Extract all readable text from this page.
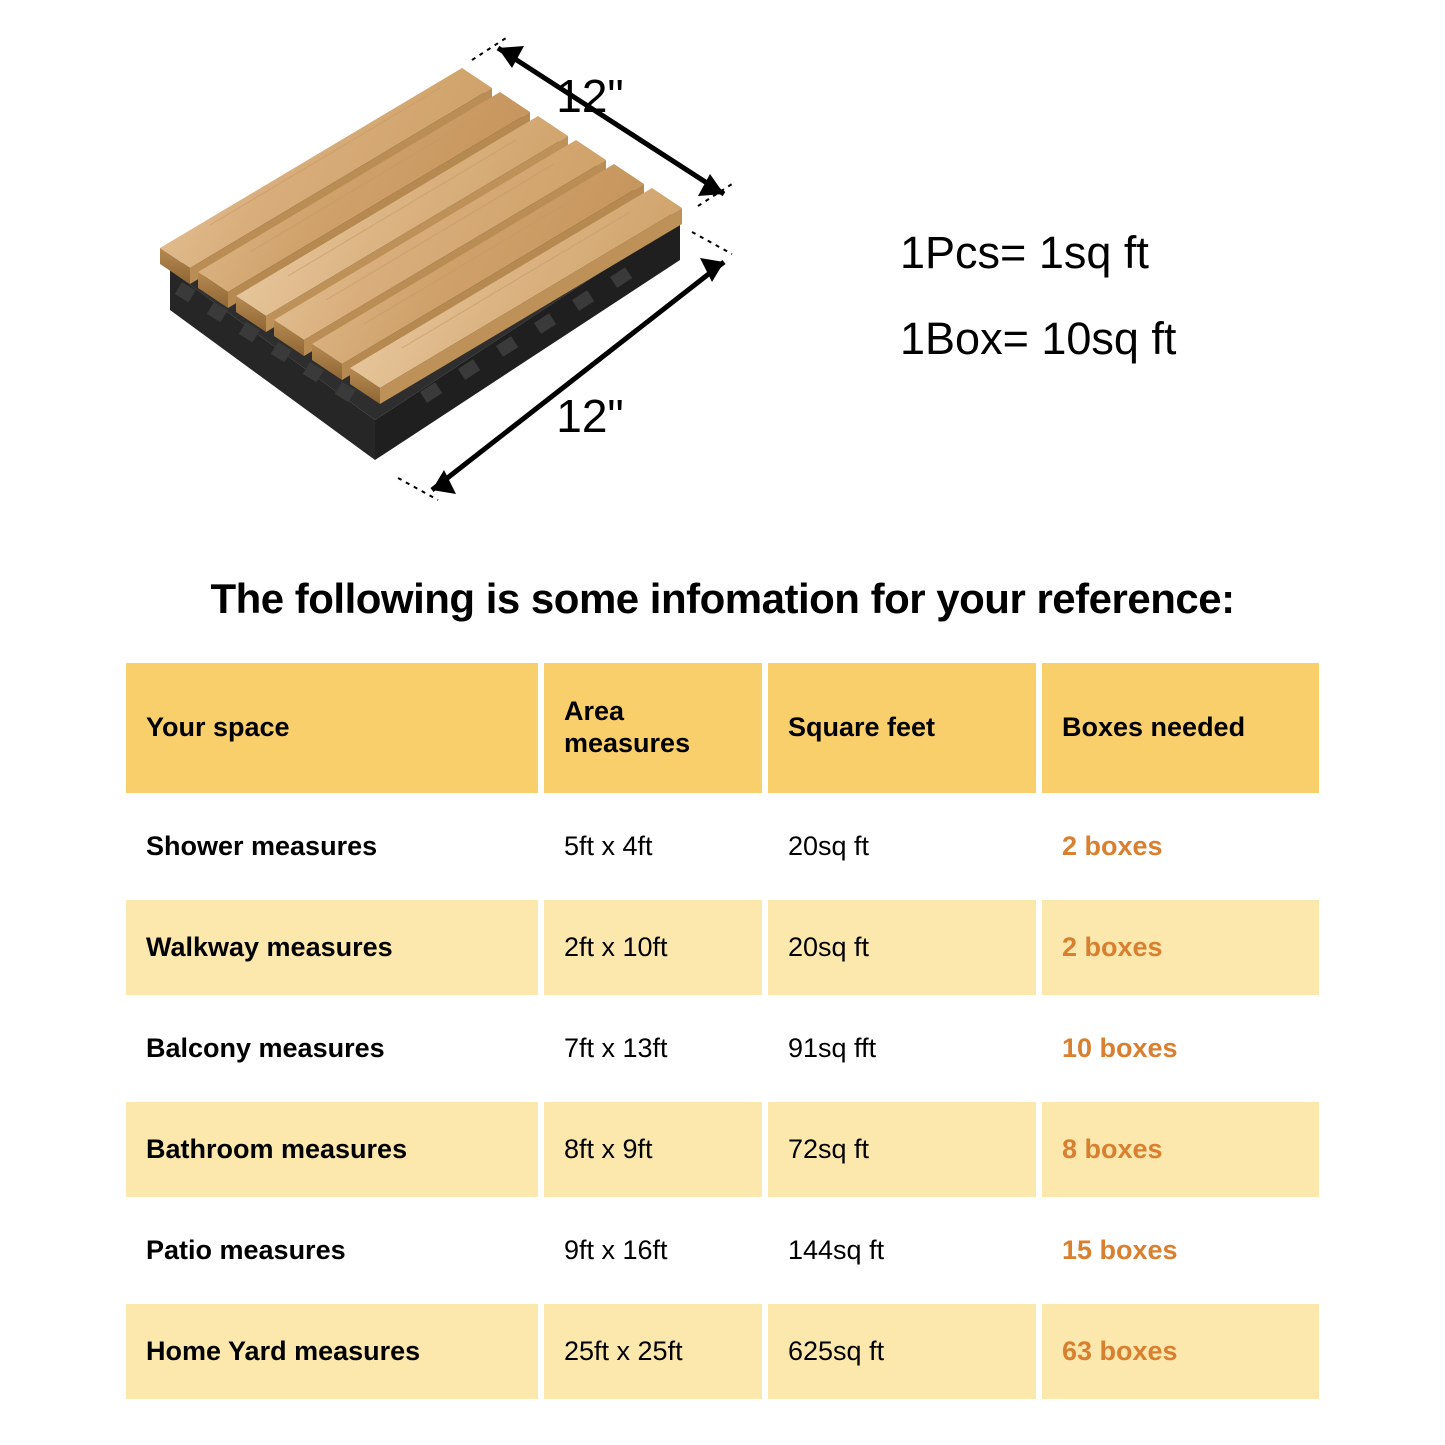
12"
12"
1Pcs= 1sq ft
1Box= 10sq ft
The following is some infomation for your reference:
Your space	Area measures	Square feet	Boxes needed
Shower measures	5ft x 4ft	20sq ft	2 boxes
Walkway measures	2ft x 10ft	20sq ft	2 boxes
Balcony measures	7ft x 13ft	91sq fft	10 boxes
Bathroom measures	8ft x 9ft	72sq ft	8 boxes
Patio measures	9ft x 16ft	144sq ft	15 boxes
Home Yard measures	25ft x 25ft	625sq ft	63 boxes
